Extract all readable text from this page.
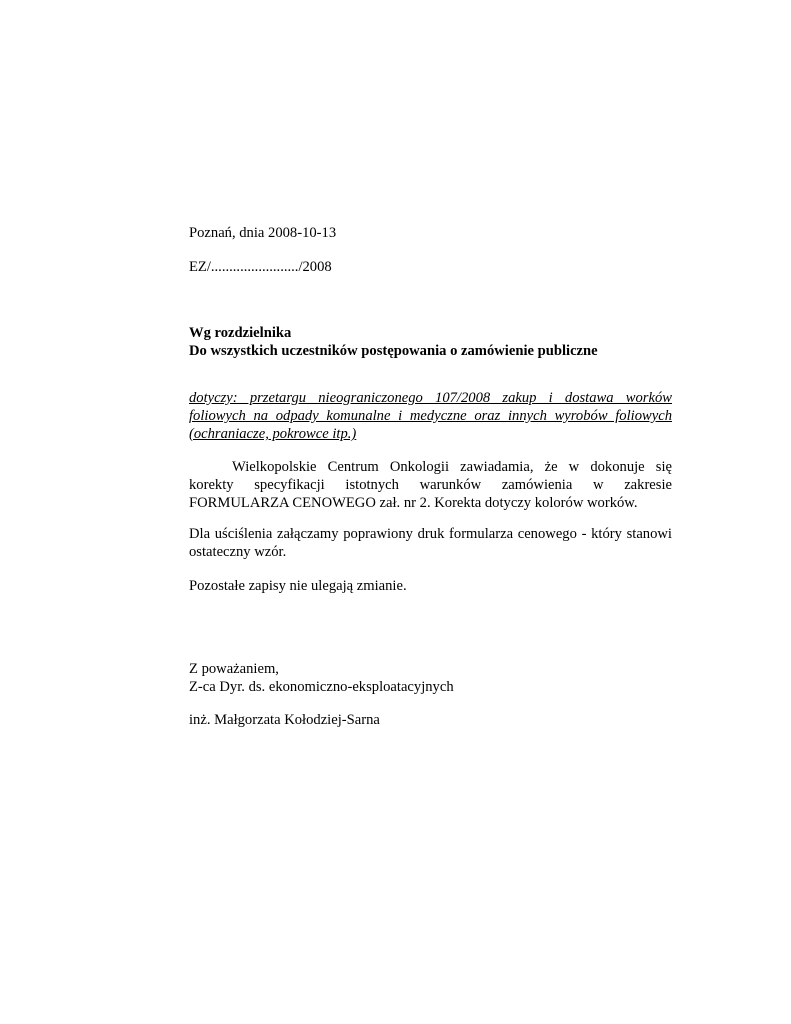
Poznań, dnia 2008-10-13
EZ/......................../2008
Wg rozdzielnika
Do wszystkich uczestników postępowania o zamówienie publiczne
dotyczy: przetargu nieograniczonego 107/2008 zakup i dostawa worków
foliowych na odpady komunalne i medyczne oraz innych wyrobów foliowych
(ochraniacze, pokrowce itp.)
Wielkopolskie Centrum Onkologii zawiadamia, że w dokonuje się
korekty specyfikacji istotnych warunków zamówienia w zakresie
FORMULARZA CENOWEGO zał. nr 2. Korekta dotyczy kolorów worków.
Dla uściślenia załączamy poprawiony druk formularza cenowego - który stanowi
ostateczny wzór.
Pozostałe zapisy nie ulegają zmianie.
Z poważaniem,
Z-ca Dyr. ds. ekonomiczno-eksploatacyjnych
inż. Małgorzata Kołodziej-Sarna
